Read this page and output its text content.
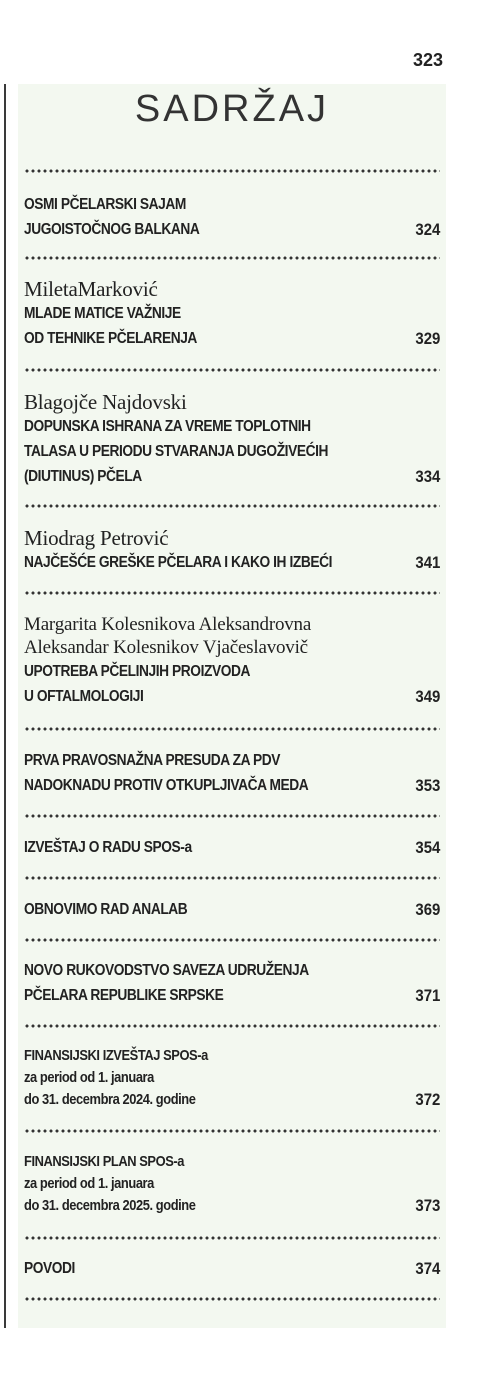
323
SADRŽAJ
OSMI PČELARSKI SAJAM
JUGOISTOČNOG BALKANA	324
MiletaMarković
MLADE MATICE VAŽNIJE
OD TEHNIKE PČELARENJA	329
Blagojče Najdovski
DOPUNSKA ISHRANA ZA VREME TOPLOTNIH
TALASA U PERIODU STVARANJA DUGOŽIVEĆIH
(DIUTINUS) PČELA	334
Miodrag Petrović
NAJČEŠĆE GREŠKE PČELARA I KAKO IH IZBEĆI	341
Margarita Kolesnikova Aleksandrovna
Aleksandar Kolesnikov Vjačeslavovič
UPOTREBA PČELINJIH PROIZVODA
U OFTALMOLOGIJI	349
PRVA PRAVOSNAŽNA PRESUDA ZA PDV
NADOKNADU PROTIV OTKUPLJIVAČA MEDA	353
IZVEŠTAJ O RADU SPOS-a	354
OBNOVIMO RAD ANALAB	369
NOVO RUKOVODSTVO SAVEZA UDRUŽENJA
PČELARA REPUBLIKE SRPSKE	371
FINANSIJSKI IZVEŠTAJ SPOS-a
za period od 1. januara
do 31. decembra 2024. godine	372
FINANSIJSKI PLAN SPOS-a
za period od 1. januara
do 31. decembra 2025. godine	373
POVODI	374
